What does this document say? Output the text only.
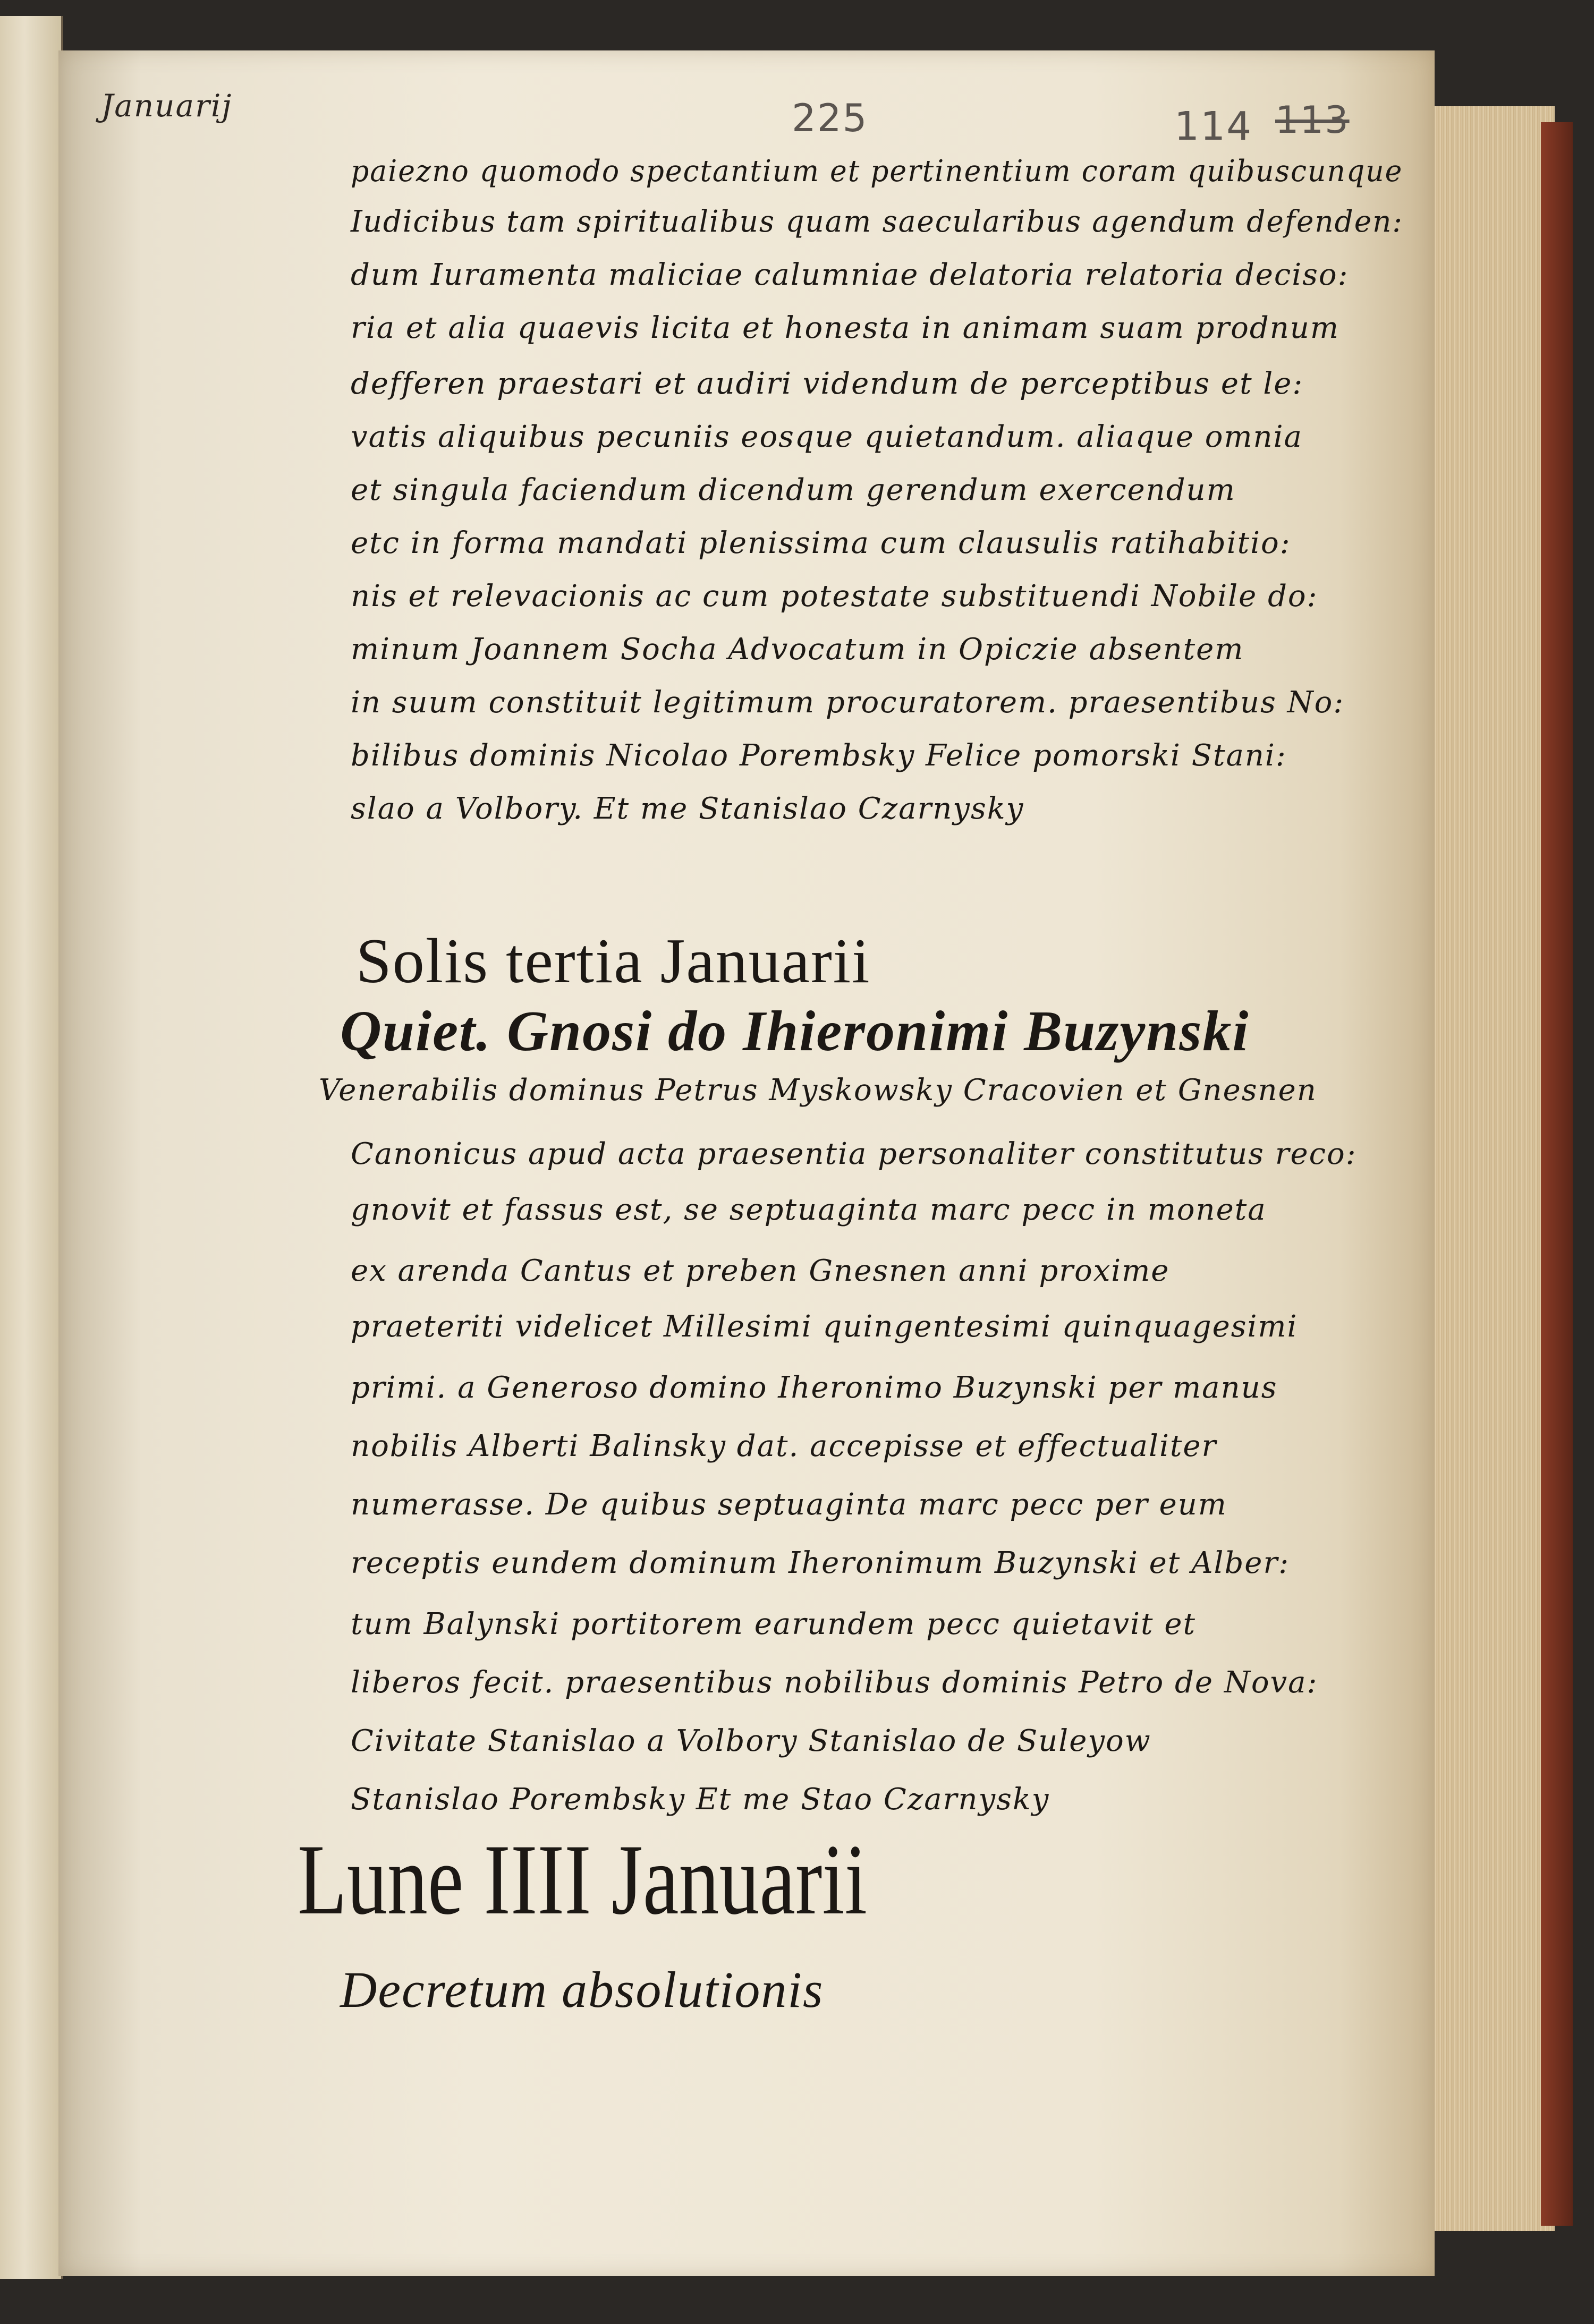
Januarij	225	114 113
paiezno quomodo spectantium et pertinentium coram quibuscunque
Iudicibus tam spiritualibus quam saecularibus agendum defenden:
dum Iuramenta maliciae calumniae delatoria relatoria deciso:
ria et alia quaevis licita et honesta in animam suam prodnum
defferen praestari et audiri videndum de perceptibus et le:
vatis aliquibus pecuniis eosque quietandum. aliaque omnia
et singula faciendum dicendum gerendum exercendum
etc in forma mandati plenissima cum clausulis ratihabitio:
nis et relevacionis ac cum potestate substituendi Nobile do:
minum Joannem Socha Advocatum in Opiczie absentem
in suum constituit legitimum procuratorem. praesentibus No:
bilibus dominis Nicolao Porembsky Felice pomorski Stani:
slao a Volbory. Et me Stanislao Czarnysky
Solis tertia Januarii
Quiet. Gnosi do Ihieronimi Buzynski
Venerabilis dominus Petrus Myskowsky Cracovien et Gnesnen
Canonicus apud acta praesentia personaliter constitutus reco:
gnovit et fassus est, se septuaginta marc pecc in moneta
ex arenda Cantus et preben Gnesnen anni proxime
praeteriti videlicet Millesimi quingentesimi quinquagesimi
primi. a Generoso domino Iheronimo Buzynski per manus
nobilis Alberti Balinsky dat. accepisse et effectualiter
numerasse. De quibus septuaginta marc pecc per eum
receptis eundem dominum Iheronimum Buzynski et Alber:
tum Balynski portitorem earundem pecc quietavit et
liberos fecit. praesentibus nobilibus dominis Petro de Nova:
Civitate Stanislao a Volbory Stanislao de Suleyow
Stanislao Porembsky Et me Stao Czarnysky
Lune IIII Januarii
Decretum absolutionis
